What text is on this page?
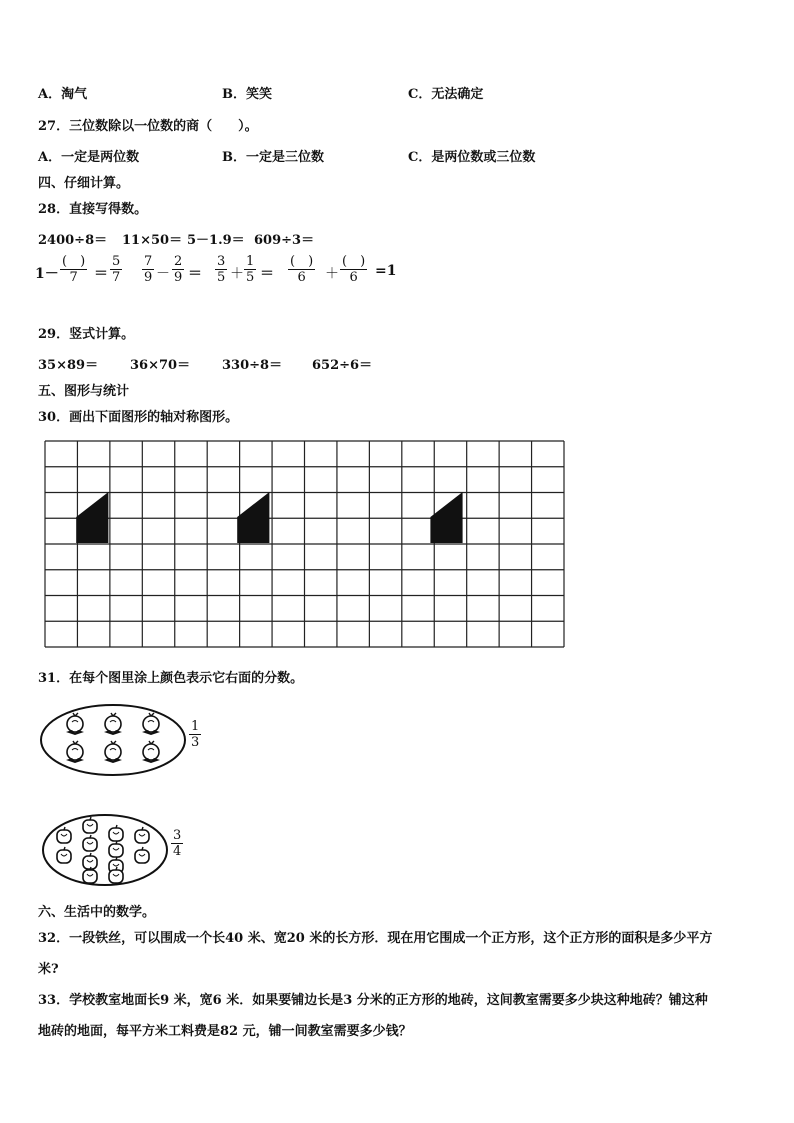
A．淘气	B．笑笑	C．无法确定
27．三位数除以一位数的商（　　）。
A．一定是两位数	B．一定是三位数	C．是两位数或三位数
四、仔细计算。
28．直接写得数。
2400÷8＝ 11×50＝ 5－1.9＝ 609÷3＝
1－
(　)
7 ＝
5
7
7
9 －
2
9 ＝
3
5 ＋
1
5 ＝
(　)
6 ＋
(　)
6 =1
29．竖式计算。
35×89＝ 36×70＝ 330÷8＝ 652÷6＝
五、图形与统计
30．画出下面图形的轴对称图形。
31．在每个图里涂上颜色表示它右面的分数。
1
3
3
4
六、生活中的数学。
32．一段铁丝，可以围成一个长40 米、宽20 米的长方形．现在用它围成一个正方形，这个正方形的面积是多少平方
米?
33．学校教室地面长9 米，宽6 米．如果要铺边长是3 分米的正方形的地砖，这间教室需要多少块这种地砖？铺这种
地砖的地面，每平方米工料费是82 元，铺一间教室需要多少钱？
